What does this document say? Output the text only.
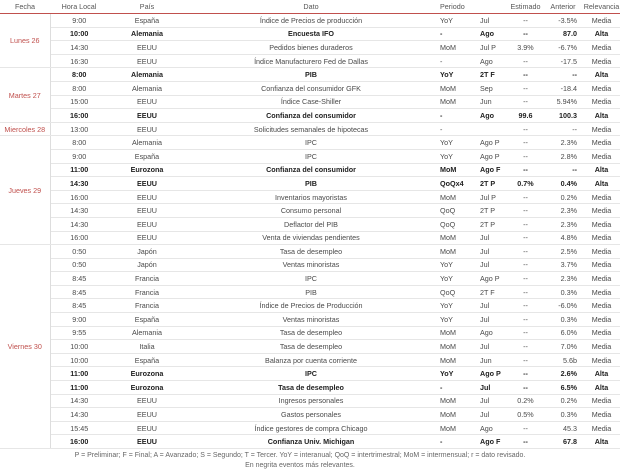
Fecha	Hora Local	País	Dato	Periodo		Estimado	Anterior	Relevancia
Lunes 26	9:00	España	Índice de Precios de producción	YoY	Jul	--	-3.5%	Media
	10:00	Alemania	Encuesta IFO	-	Ago	--	87.0	Alta
	14:30	EEUU	Pedidos bienes duraderos	MoM	Jul P	3.9%	-6.7%	Media
	16:30	EEUU	Índice Manufacturero Fed de Dallas	-	Ago	--	-17.5	Media
Martes 27	8:00	Alemania	PIB	YoY	2T F	--	--	Alta
	8:00	Alemania	Confianza del consumidor GFK	MoM	Sep	--	-18.4	Media
	15:00	EEUU	Índice Case-Shiller	MoM	Jun	--	5.94%	Media
	16:00	EEUU	Confianza del consumidor	-	Ago	99.6	100.3	Alta
Miercoles 28	13:00	EEUU	Solicitudes semanales de hipotecas	-		--	--	Media
Jueves 29	8:00	Alemania	IPC	YoY	Ago P	--	2.3%	Media
	9:00	España	IPC	YoY	Ago P	--	2.8%	Media
	11:00	Eurozona	Confianza del consumidor	MoM	Ago F	--	--	Alta
	14:30	EEUU	PIB	QoQx4	2T P	0.7%	0.4%	Alta
	16:00	EEUU	Inventarios mayoristas	MoM	Jul P	--	0.2%	Media
	14:30	EEUU	Consumo personal	QoQ	2T P	--	2.3%	Media
	14:30	EEUU	Deflactor del PIB	QoQ	2T P	--	2.3%	Media
	16:00	EEUU	Venta de viviendas pendientes	MoM	Jul	--	4.8%	Media
Viernes 30	0:50	Japón	Tasa de desempleo	MoM	Jul	--	2.5%	Media
	0:50	Japón	Ventas minoristas	YoY	Jul	--	3.7%	Media
	8:45	Francia	IPC	YoY	Ago P	--	2.3%	Media
	8:45	Francia	PIB	QoQ	2T F	--	0.3%	Media
	8:45	Francia	Índice de Precios de Producción	YoY	Jul	--	-6.0%	Media
	9:00	España	Ventas minoristas	YoY	Jul	--	0.3%	Media
	9:55	Alemania	Tasa de desempleo	MoM	Ago	--	6.0%	Media
	10:00	Italia	Tasa de desempleo	MoM	Jul	--	7.0%	Media
	10:00	España	Balanza por cuenta corriente	MoM	Jun	--	5.6b	Media
	11:00	Eurozona	IPC	YoY	Ago P	--	2.6%	Alta
	11:00	Eurozona	Tasa de desempleo	-	Jul	--	6.5%	Alta
	14:30	EEUU	Ingresos personales	MoM	Jul	0.2%	0.2%	Media
	14:30	EEUU	Gastos personales	MoM	Jul	0.5%	0.3%	Media
	15:45	EEUU	Índice gestores de compra Chicago	MoM	Ago	--	45.3	Media
	16:00	EEUU	Confianza Univ. Michigan	-	Ago F	--	67.8	Alta
P = Preliminar; F = Final; A = Avanzado; S = Segundo; T = Tercer. YoY = interanual; QoQ = intertrimestral; MoM = intermensual; r = dato revisado.
En negrita eventos más relevantes.
